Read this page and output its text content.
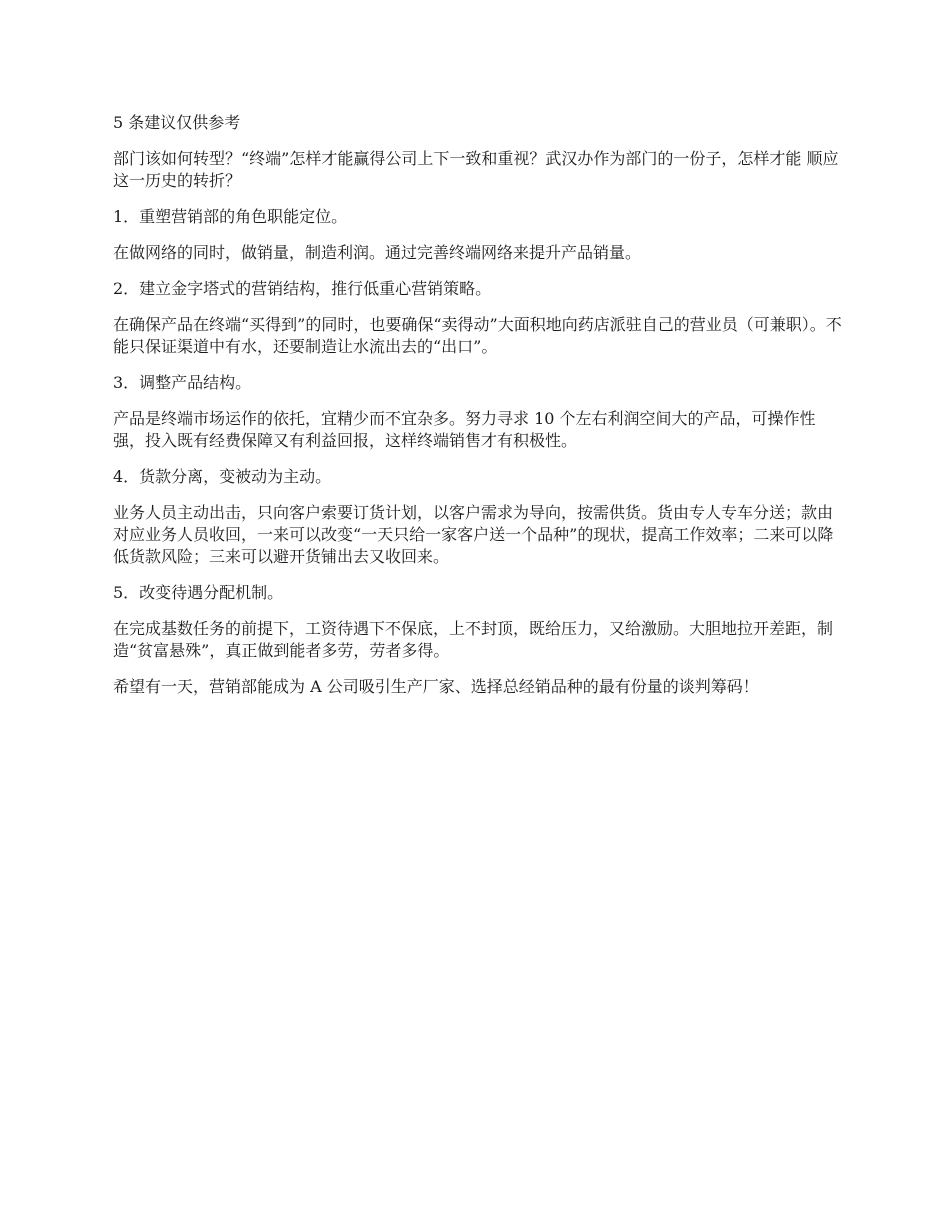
5 条建议仅供参考

部门该如何转型？“终端”怎样才能赢得公司上下一致和重视？武汉办作为部门的一份子，怎样才能 顺应这一历史的转折？

1．重塑营销部的角色职能定位。

在做网络的同时，做销量，制造利润。通过完善终端网络来提升产品销量。

2．建立金字塔式的营销结构，推行低重心营销策略。

在确保产品在终端“买得到”的同时，也要确保“卖得动”大面积地向药店派驻自己的营业员（可兼职）。不能只保证渠道中有水，还要制造让水流出去的“出口”。

3．调整产品结构。

产品是终端市场运作的依托，宜精少而不宜杂多。努力寻求 10 个左右利润空间大的产品，可操作性强，投入既有经费保障又有利益回报，这样终端销售才有积极性。

4．货款分离，变被动为主动。

业务人员主动出击，只向客户索要订货计划，以客户需求为导向，按需供货。货由专人专车分送；款由对应业务人员收回，一来可以改变“一天只给一家客户送一个品种”的现状，提高工作效率；二来可以降低货款风险；三来可以避开货铺出去又收回来。

5．改变待遇分配机制。

在完成基数任务的前提下，工资待遇下不保底，上不封顶，既给压力，又给激励。大胆地拉开差距，制造“贫富悬殊”，真正做到能者多劳，劳者多得。

希望有一天，营销部能成为 A 公司吸引生产厂家、选择总经销品种的最有份量的谈判筹码！
